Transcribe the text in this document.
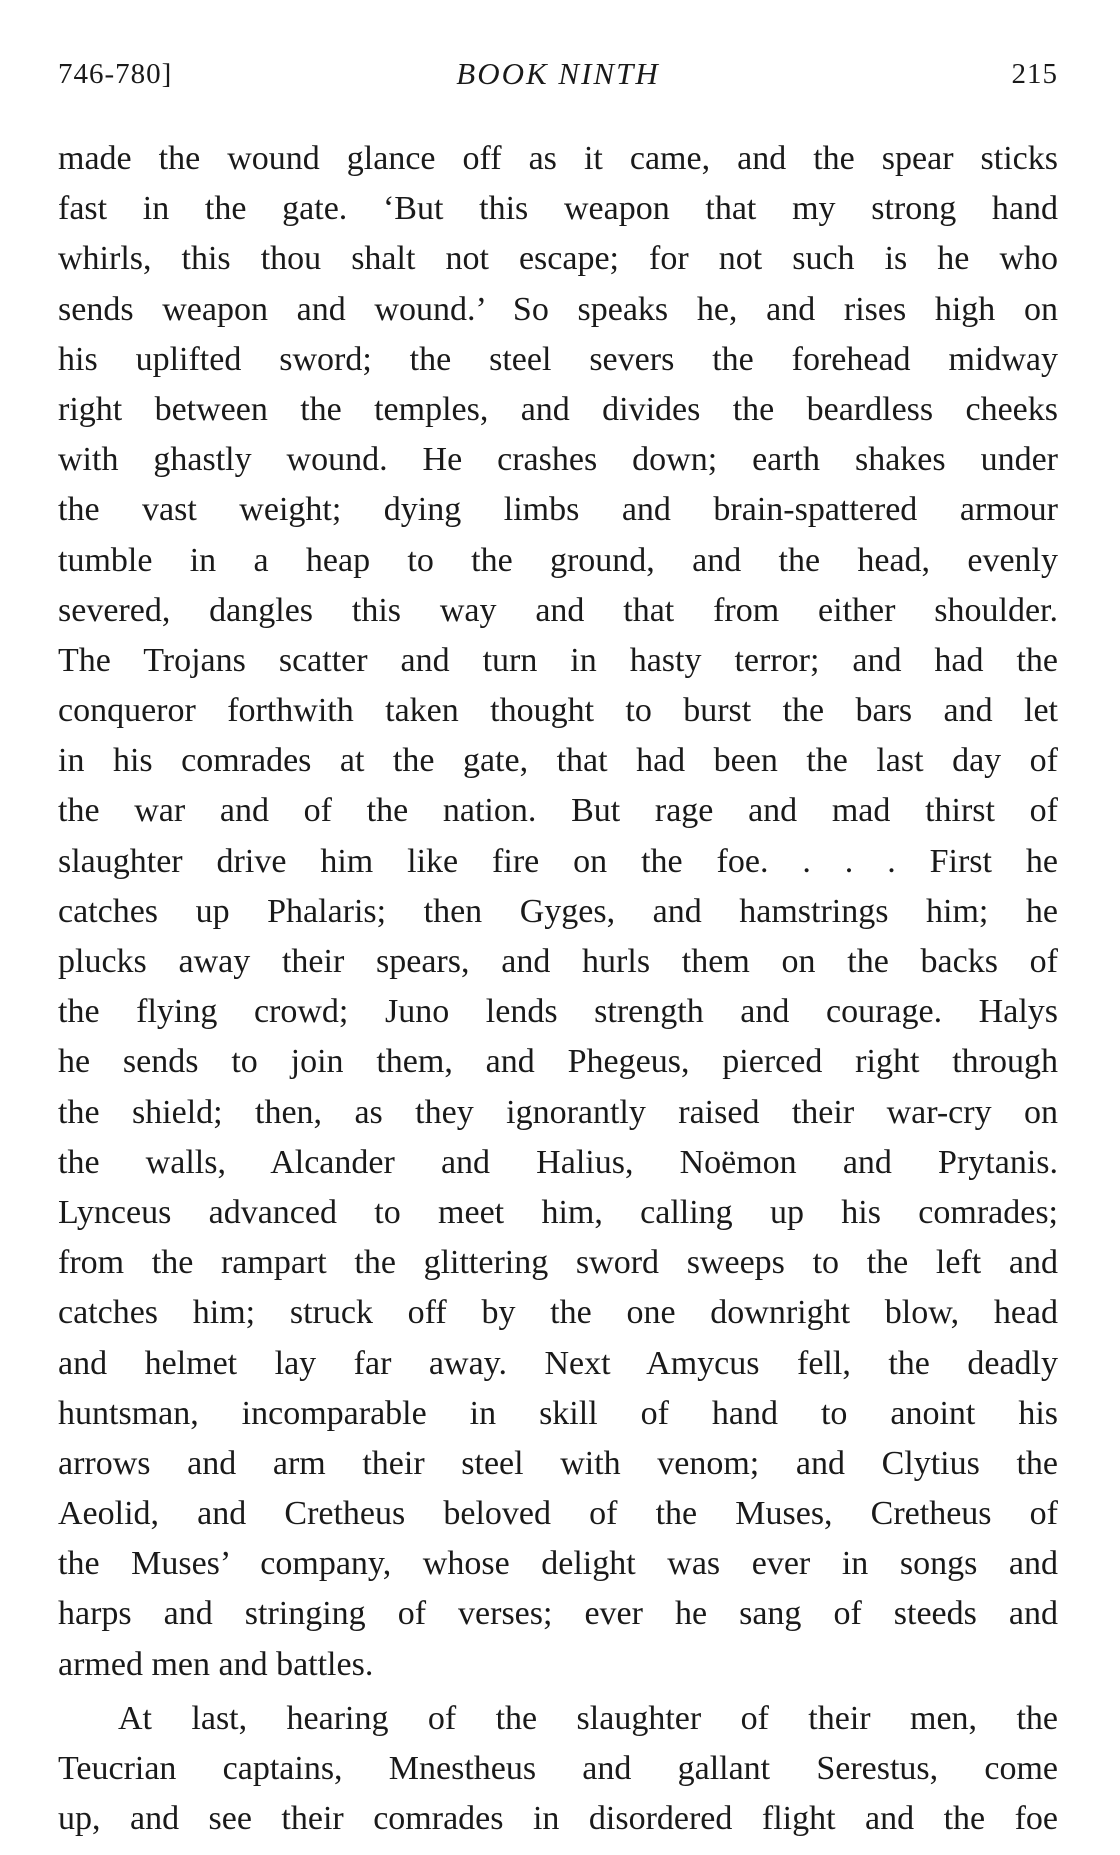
746-780]	BOOK NINTH	215
made the wound glance off as it came, and the spear sticks
fast in the gate. ‘But this weapon that my strong hand
whirls, this thou shalt not escape; for not such is he who
sends weapon and wound.’ So speaks he, and rises high on
his uplifted sword; the steel severs the forehead midway
right between the temples, and divides the beardless cheeks
with ghastly wound. He crashes down; earth shakes under
the vast weight; dying limbs and brain-spattered armour
tumble in a heap to the ground, and the head, evenly
severed, dangles this way and that from either shoulder.
The Trojans scatter and turn in hasty terror; and had the
conqueror forthwith taken thought to burst the bars and let
in his comrades at the gate, that had been the last day of
the war and of the nation. But rage and mad thirst of
slaughter drive him like fire on the foe. . . . First he
catches up Phalaris; then Gyges, and hamstrings him; he
plucks away their spears, and hurls them on the backs of
the flying crowd; Juno lends strength and courage. Halys
he sends to join them, and Phegeus, pierced right through
the shield; then, as they ignorantly raised their war-cry on
the walls, Alcander and Halius, Noëmon and Prytanis.
Lynceus advanced to meet him, calling up his comrades;
from the rampart the glittering sword sweeps to the left and
catches him; struck off by the one downright blow, head
and helmet lay far away. Next Amycus fell, the deadly
huntsman, incomparable in skill of hand to anoint his
arrows and arm their steel with venom; and Clytius the
Aeolid, and Cretheus beloved of the Muses, Cretheus of
the Muses’ company, whose delight was ever in songs and
harps and stringing of verses; ever he sang of steeds and
armed men and battles.
At last, hearing of the slaughter of their men, the
Teucrian captains, Mnestheus and gallant Serestus, come
up, and see their comrades in disordered flight and the foe
